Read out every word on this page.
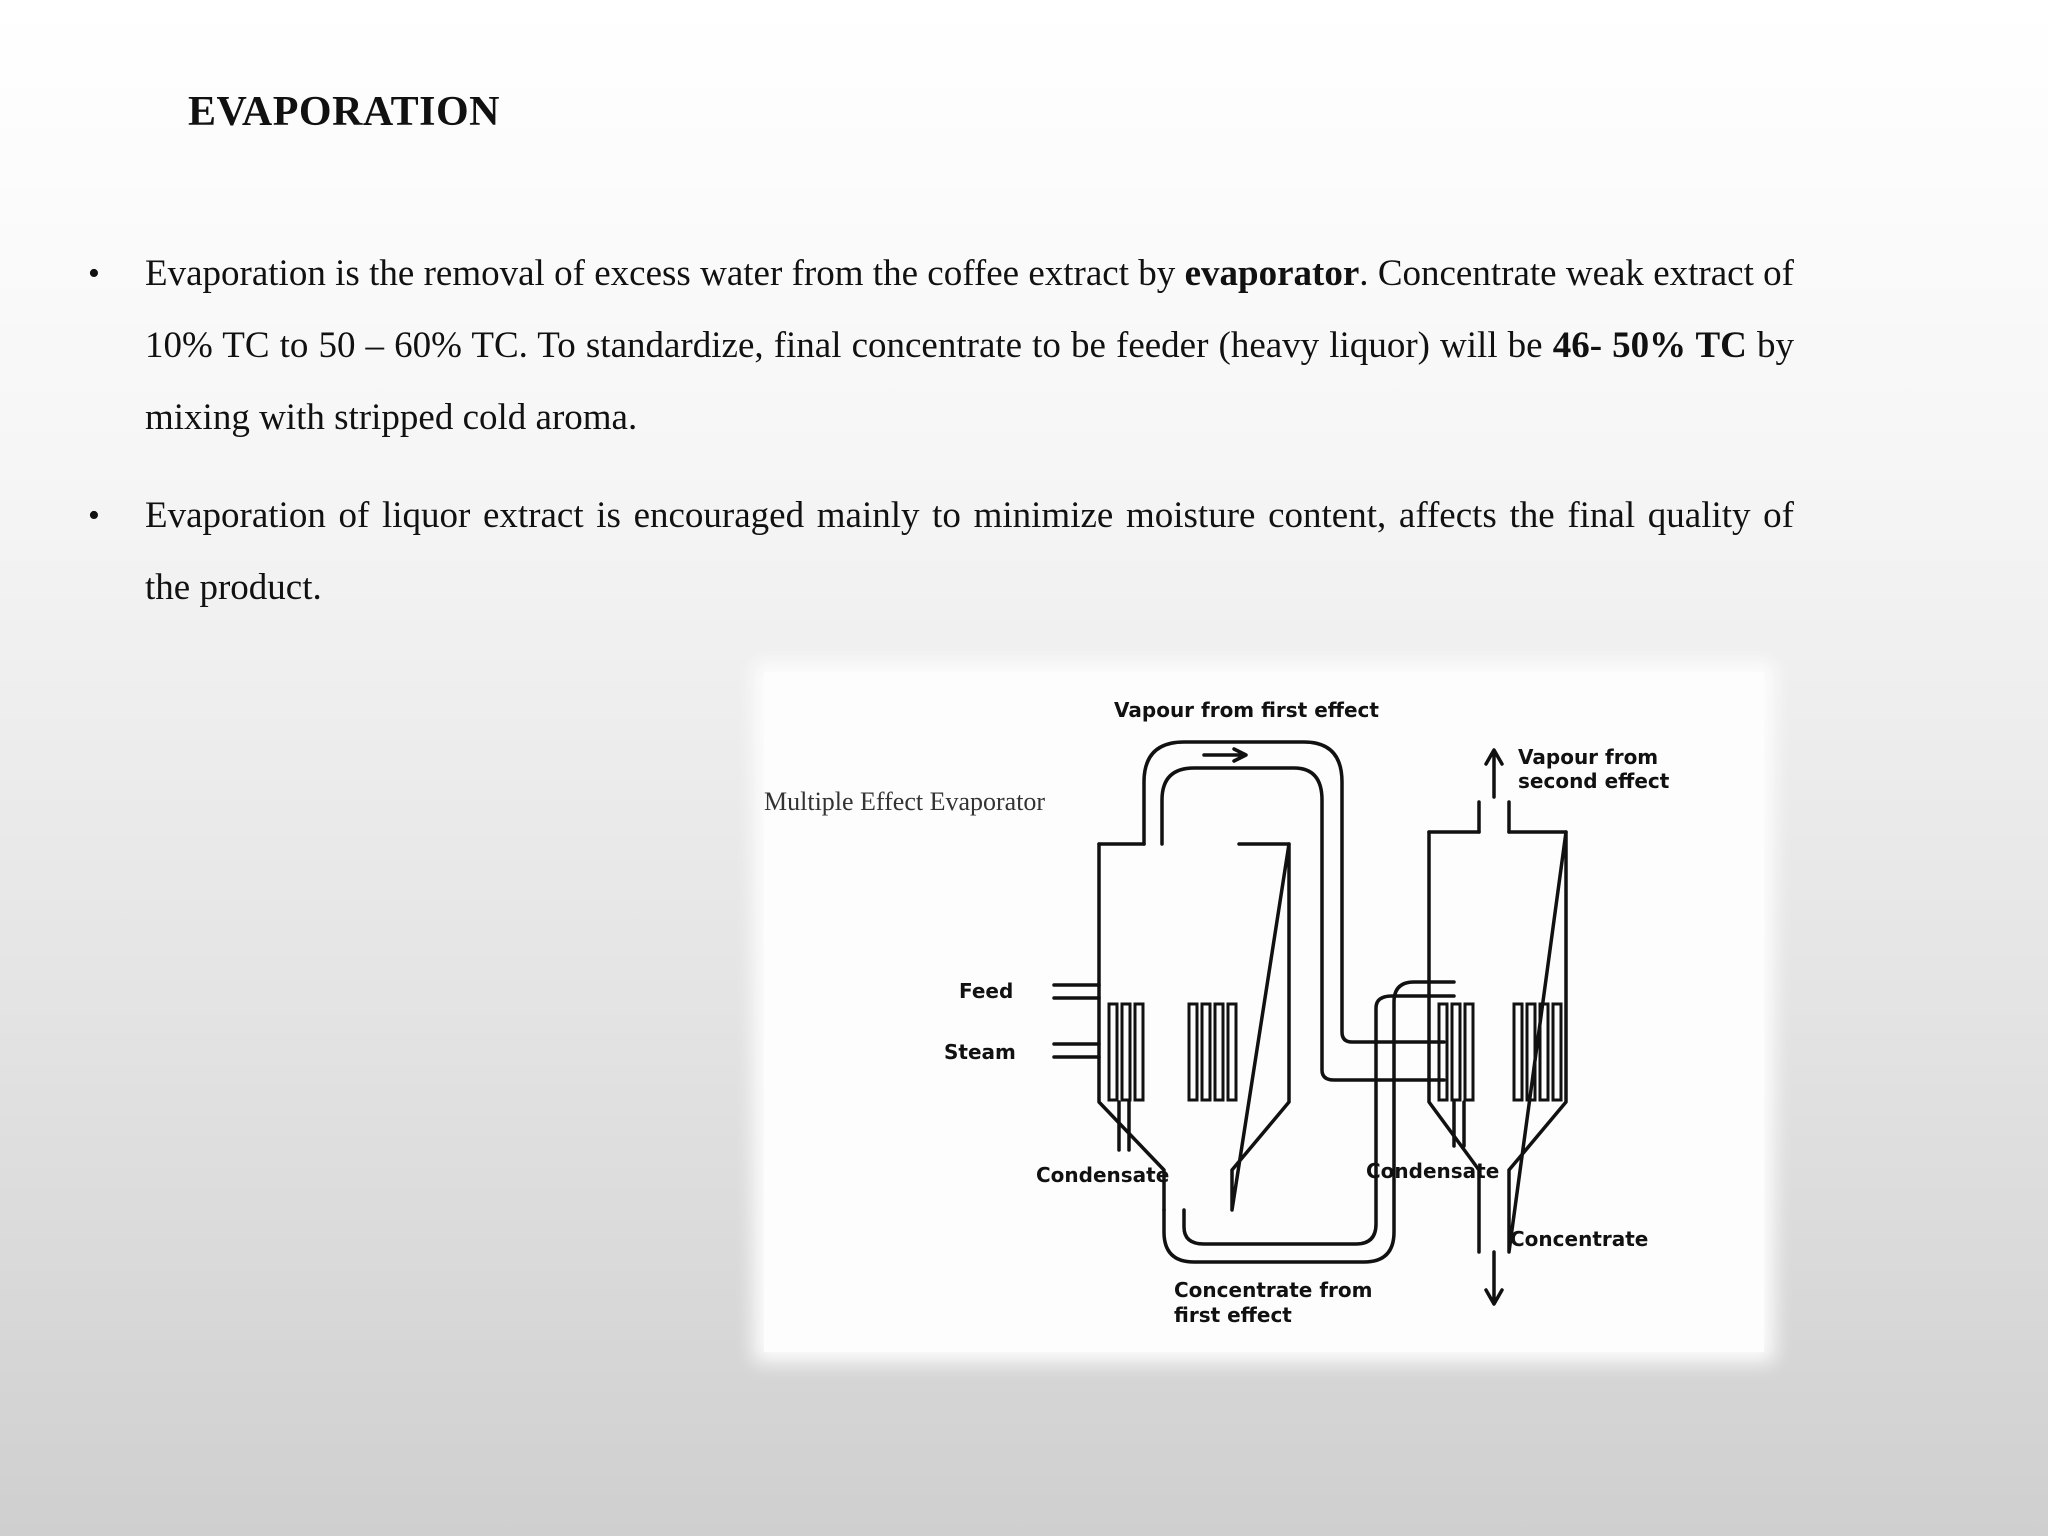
EVAPORATION
• Evaporation is the removal of excess water from the coffee extract by evaporator. Concentrate weak extract of 10% TC to 50 – 60% TC. To standardize, final concentrate to be feeder (heavy liquor) will be 46- 50% TC by mixing with stripped cold aroma.
• Evaporation of liquor extract is encouraged mainly to minimize moisture content, affects the final quality of the product.
Multiple Effect Evaporator
Vapour from first effect
Vapour from
second effect
Feed
Steam
Condensate	Condensate
Concentrate
Concentrate from
first effect
